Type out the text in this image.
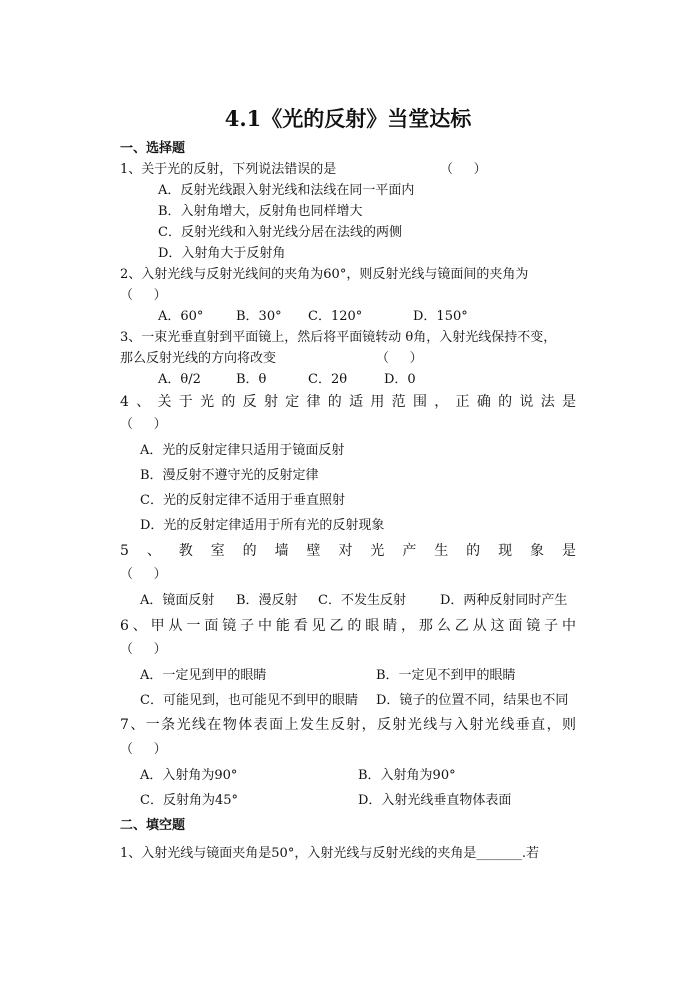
4.1《光的反射》当堂达标
一、选择题
1、关于光的反射，下列说法错误的是	（     ）
A．反射光线跟入射光线和法线在同一平面内
B．入射角增大，反射角也同样增大
C．反射光线和入射光线分居在法线的两侧
D．入射角大于反射角
2、入射光线与反射光线间的夹角为60°，则反射光线与镜面间的夹角为
（     ）
A．60°	B．30° C．120°	D．150°
3、一束光垂直射到平面镜上，然后将平面镜转动 θ角，入射光线保持不变，
那么反射光线的方向将改变	（     ）
A．θ/2	B．θ	C．2θ	D．0
4、关于光的反射定律的适用范围，正确的说法是
（     ）
A．光的反射定律只适用于镜面反射
B．漫反射不遵守光的反射定律
C．光的反射定律不适用于垂直照射
D．光的反射定律适用于所有光的反射现象
5、教室的墙壁对光产生的现象是
（     ）
A．镜面反射 B．漫反射 C．不发生反射	D．两种反射同时产生
6、甲从一面镜子中能看见乙的眼睛，那么乙从这面镜子中
（     ）
A．一定见到甲的眼睛	B．一定见不到甲的眼睛
C．可能见到，也可能见不到甲的眼睛 D．镜子的位置不同，结果也不同
7、一条光线在物体表面上发生反射，反射光线与入射光线垂直，则
（     ）
A．入射角为90°	B．入射角为90°
C．反射角为45°	D．入射光线垂直物体表面
二、填空题
1、入射光线与镜面夹角是50°，入射光线与反射光线的夹角是_______.若
